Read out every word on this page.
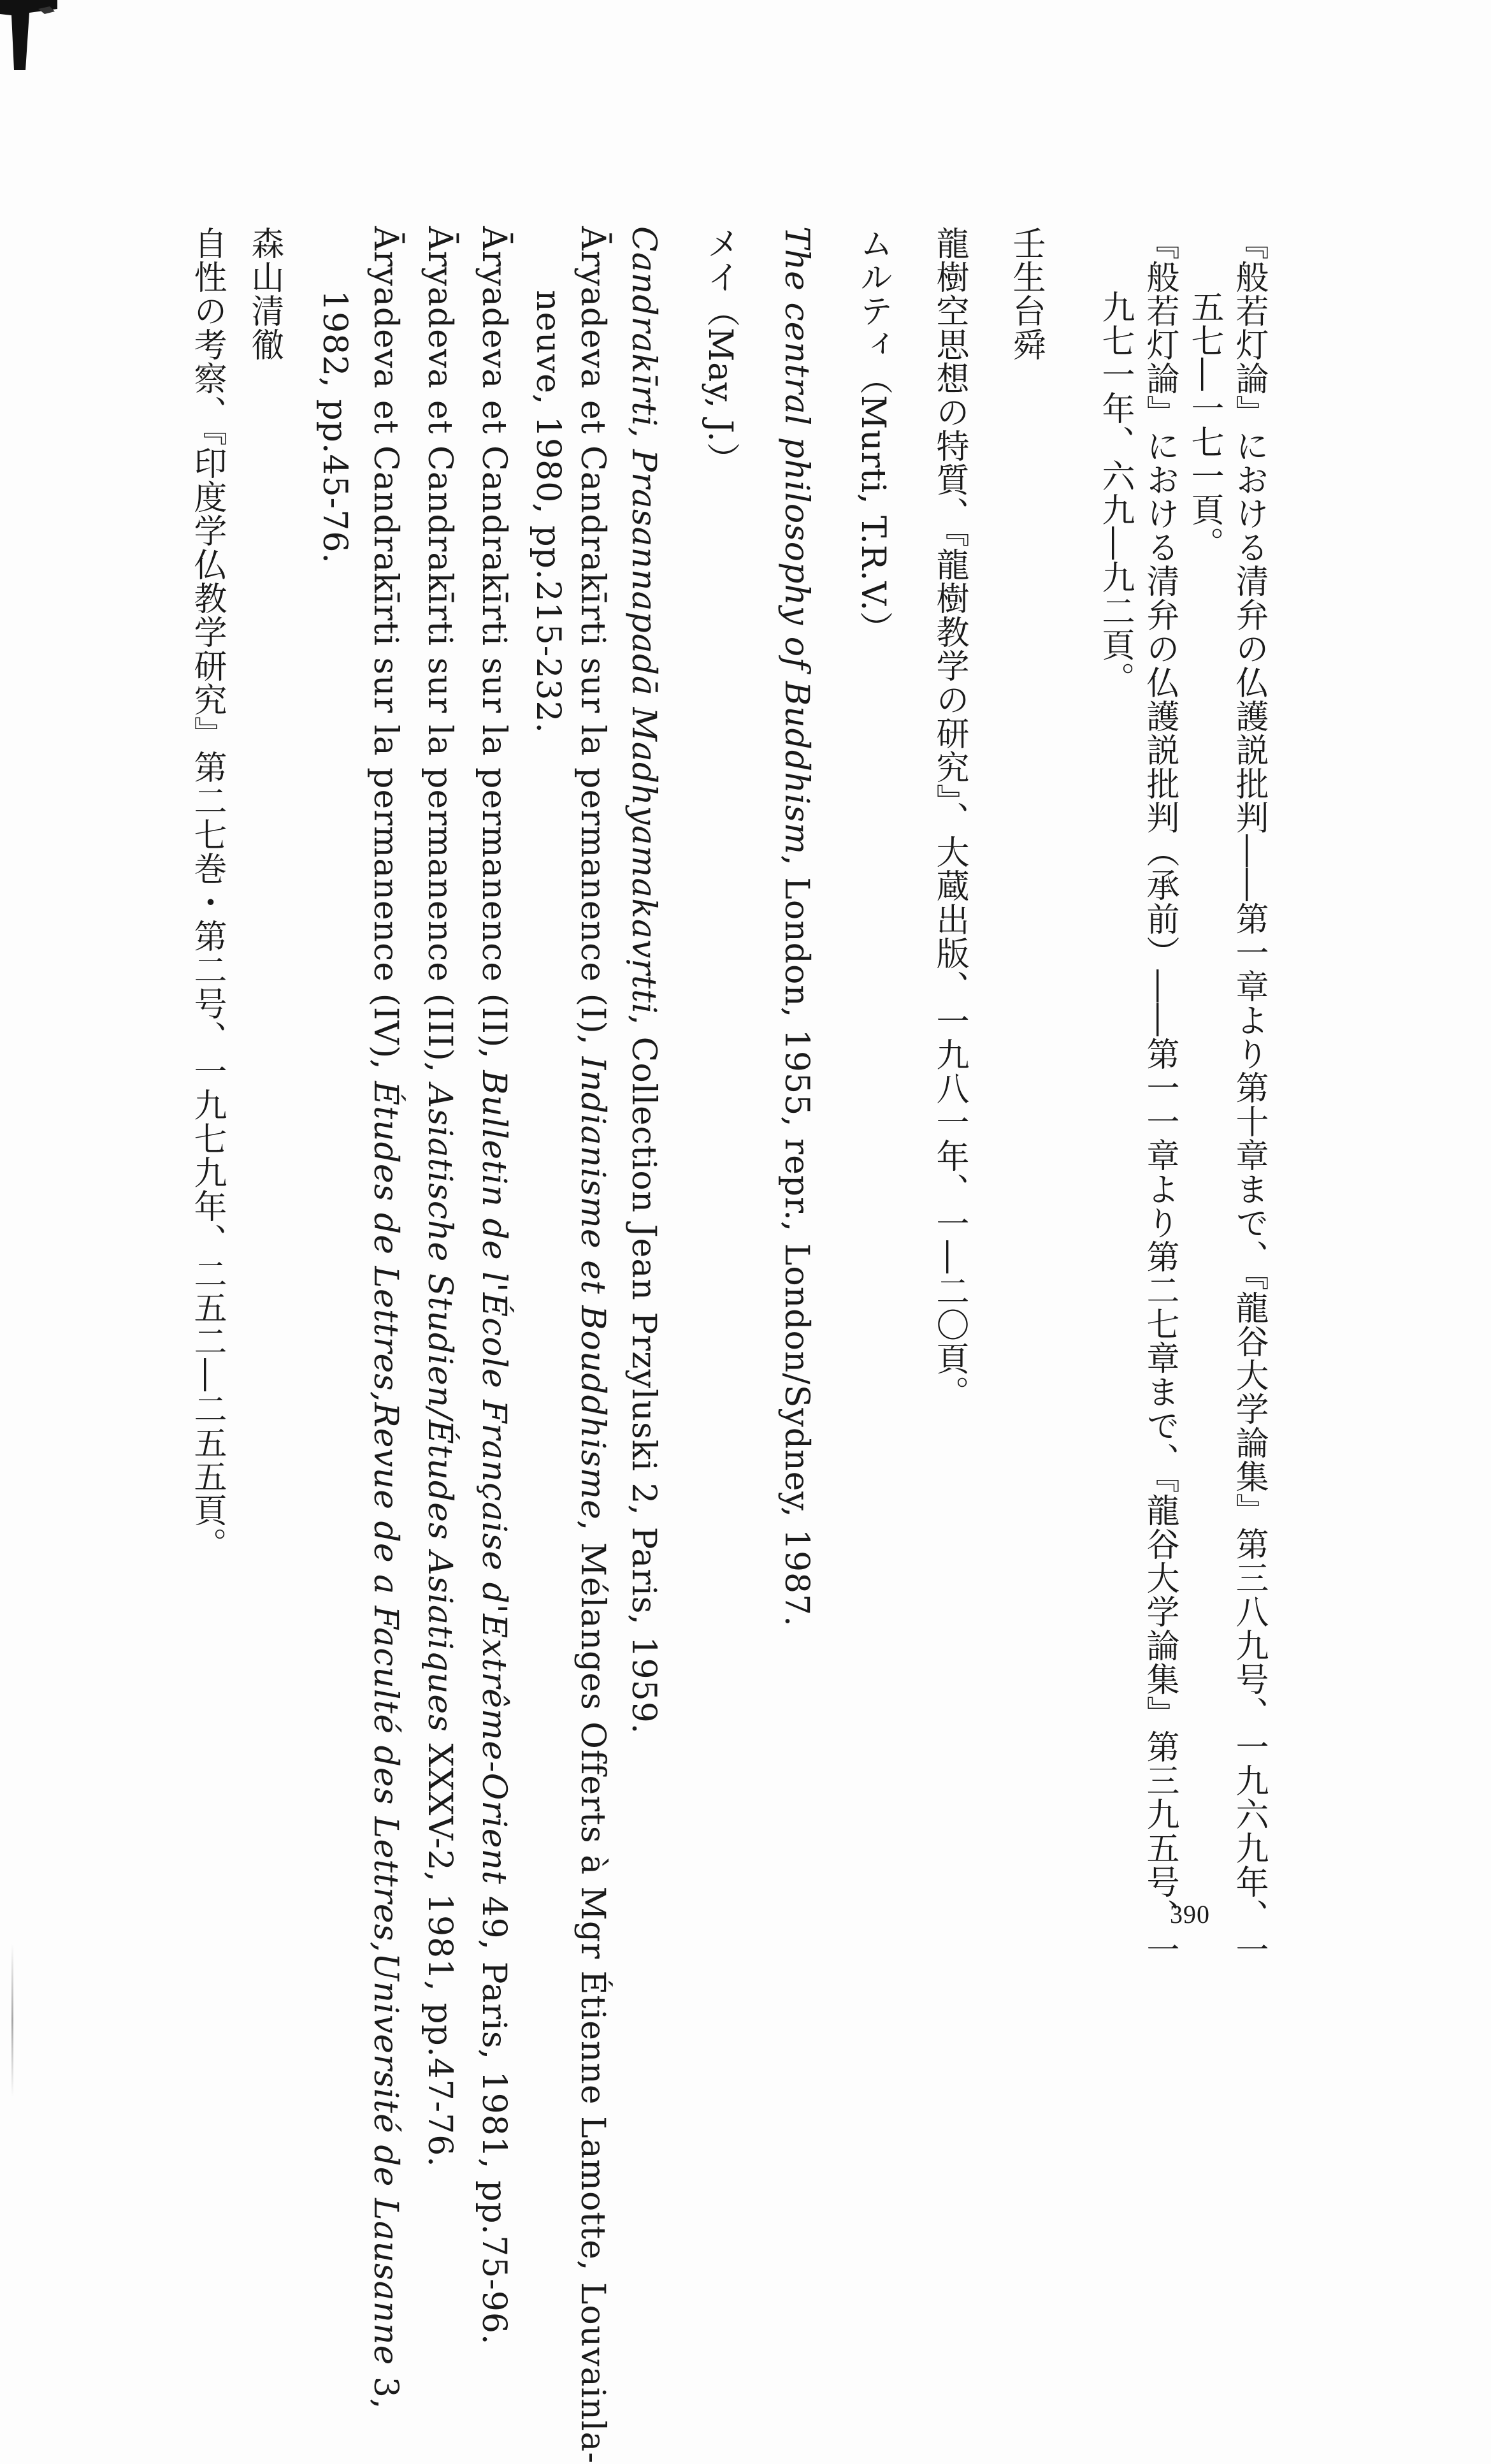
『般若灯論』における清弁の仏護説批判――第一章より第十章まで、『龍谷大学論集』第三八九号、一九六九年、一
五七―一七一頁。
『般若灯論』における清弁の仏護説批判（承前）――第一一章より第二七章まで、『龍谷大学論集』第三九五号、一
九七一年、六九―九二頁。
壬生台舜
龍樹空思想の特質、『龍樹教学の研究』、大蔵出版、一九八一年、一―二〇頁。
ムルティ（Murti, T.R.V.）
The central philosophy of Buddhism, London, 1955, repr., London/Sydney, 1987.
メイ（May, J.）
Candrakīrti, Prasannapadā Madhyamakavṛtti, Collection Jean Przyluski 2, Paris, 1959.
Āryadeva et Candrakīrti sur la permanence (I), Indianisme et Bouddhisme, Mélanges Offerts à Mgr Étienne Lamotte, Louvainla-
neuve, 1980, pp.215-232.
Āryadeva et Candrakīrti sur la permanence (II), Bulletin de l'École Française d'Extrême-Orient 49, Paris, 1981, pp.75-96.
Āryadeva et Candrakīrti sur la permanence (III), Asiatische Studien/Études Asiatiques XXXV-2, 1981, pp.47-76.
Āryadeva et Candrakīrti sur la permanence (IV), Études de Lettres,Revue de a Faculté des Lettres,Université de Lausanne 3,
1982, pp.45-76.
森山清徹
自性の考察、『印度学仏教学研究』第二七巻・第二号、一九七九年、二五二―二五五頁。
390
